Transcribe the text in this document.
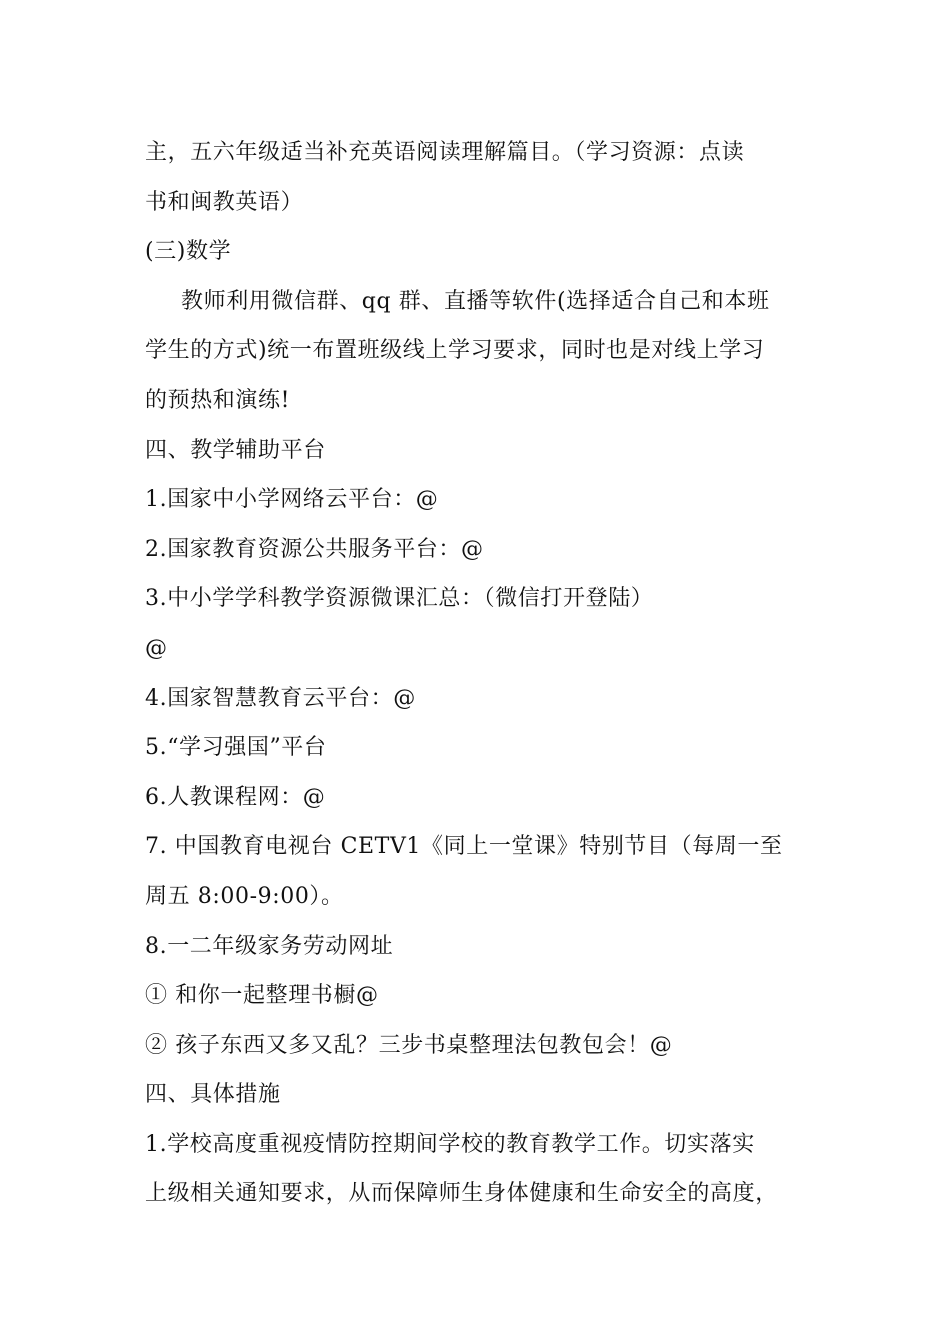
主，五六年级适当补充英语阅读理解篇目。（学习资源：点读
书和闽教英语）
(三)数学
教师利用微信群、qq 群、直播等软件(选择适合自己和本班
学生的方式)统一布置班级线上学习要求，同时也是对线上学习
的预热和演练!
四、教学辅助平台
1.国家中小学网络云平台：@
2.国家教育资源公共服务平台：@
3.中小学学科教学资源微课汇总：（微信打开登陆）
@
4.国家智慧教育云平台：@
5.“学习强国”平台
6.人教课程网：@
7. 中国教育电视台 CETV1《同上一堂课》特别节目（每周一至
周五 8:00-9:00）。
8.一二年级家务劳动网址
① 和你一起整理书橱@
② 孩子东西又多又乱？三步书桌整理法包教包会！@
四、具体措施
1.学校高度重视疫情防控期间学校的教育教学工作。切实落实
上级相关通知要求，从而保障师生身体健康和生命安全的高度，
